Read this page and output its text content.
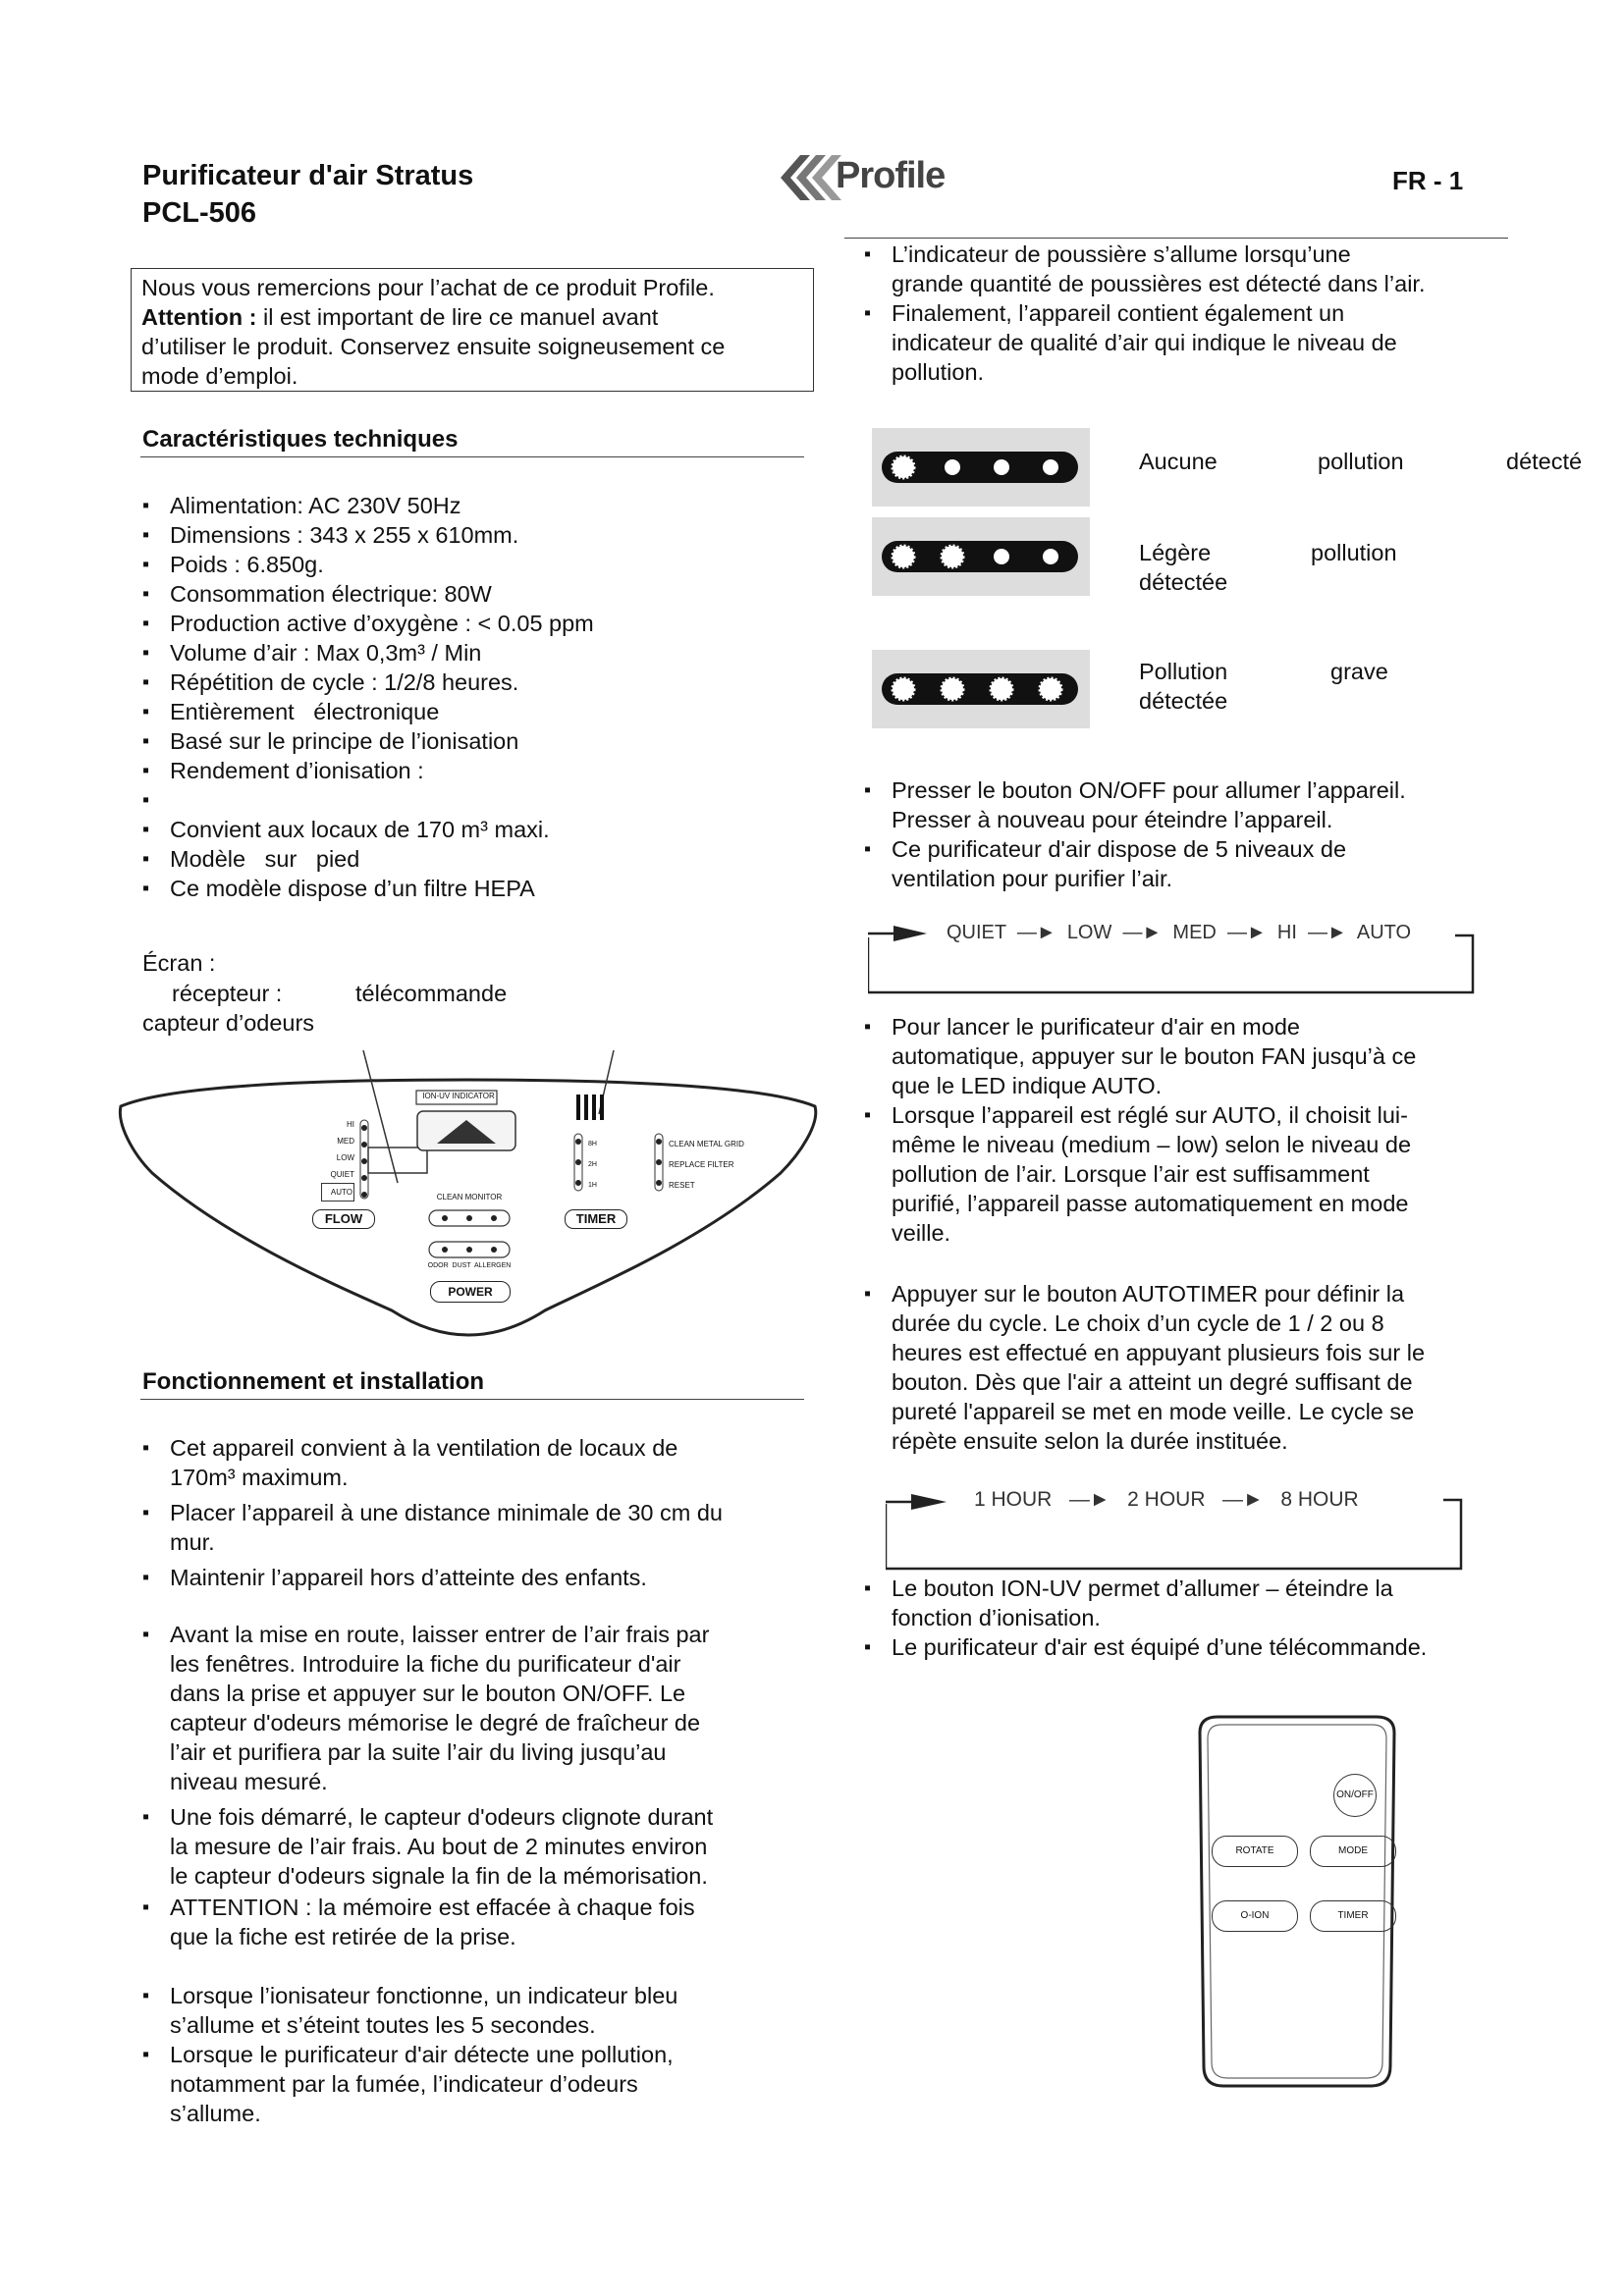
Purificateur d'air Stratus
PCL-506
Profile	FR - 1
Nous vous remercions pour l’achat de ce produit Profile.
Attention : il est important de lire ce manuel avant
d’utiliser le produit. Conservez ensuite soigneusement ce
mode d’emploi.
Caractéristiques techniques
▪ Alimentation: AC 230V 50Hz
▪ Dimensions : 343 x 255 x 610mm.
▪ Poids : 6.850g.
▪ Consommation électrique: 80W
▪ Production active d’oxygène : < 0.05 ppm
▪ Volume d’air : Max 0,3m³ / Min
▪ Répétition de cycle : 1/2/8 heures.
▪ Entièrement   électronique
▪ Basé sur le principe de l’ionisation
▪ Rendement d’ionisation :
▪
▪ Convient aux locaux de 170 m³ maxi.
▪ Modèle   sur   pied
▪ Ce modèle dispose d’un filtre HEPA
Écran :
récepteur :	télécommande
capteur d’odeurs
HI
MED
LOW
QUIET
AUTO
ION-UV INDICATOR
CLEAN MONITOR
ODOR  DUST  ALLERGEN
8H
2H
1H
CLEAN METAL GRID
REPLACE FILTER
RESET
FLOW	TIMER
POWER
Fonctionnement et installation
▪ Cet appareil convient à la ventilation de locaux de
170m³ maximum.
▪ Placer l’appareil à une distance minimale de 30 cm du
mur.
▪ Maintenir l’appareil hors d’atteinte des enfants.
▪ Avant la mise en route, laisser entrer de l’air frais par
les fenêtres. Introduire la fiche du purificateur d'air
dans la prise et appuyer sur le bouton ON/OFF. Le
capteur d'odeurs mémorise le degré de fraîcheur de
l’air et purifiera par la suite l’air du living jusqu’au
niveau mesuré.
▪ Une fois démarré, le capteur d'odeurs clignote durant
la mesure de l’air frais. Au bout de 2 minutes environ
le capteur d'odeurs signale la fin de la mémorisation.
▪ ATTENTION : la mémoire est effacée à chaque fois
que la fiche est retirée de la prise.
▪ Lorsque l’ionisateur fonctionne, un indicateur bleu
s’allume et s’éteint toutes les 5 secondes.
▪ Lorsque le purificateur d'air détecte une pollution,
notamment par la fumée, l’indicateur d’odeurs
s’allume.
▪ L’indicateur de poussière s’allume lorsqu’une
grande quantité de poussières est détecté dans l’air.
▪ Finalement, l’appareil contient également un
indicateur de qualité d’air qui indique le niveau de
pollution.
Aucune	pollution	détecté
Légère	pollution
détectée
Pollution	grave
détectée
▪ Presser le bouton ON/OFF pour allumer l’appareil.
Presser à nouveau pour éteindre l’appareil.
▪ Ce purificateur d'air dispose de 5 niveaux de
ventilation pour purifier l’air.
QUIET  —►  LOW  —►  MED  —►  HI  —►  AUTO
▪ Pour lancer le purificateur d'air en mode
automatique, appuyer sur le bouton FAN jusqu’à ce
que le LED indique AUTO.
▪ Lorsque l’appareil est réglé sur AUTO, il choisit lui-
même le niveau (medium – low) selon le niveau de
pollution de l’air. Lorsque l’air est suffisamment
purifié, l’appareil passe automatiquement en mode
veille.
▪ Appuyer sur le bouton AUTOTIMER pour définir la
durée du cycle. Le choix d’un cycle de 1 / 2 ou 8
heures est effectué en appuyant plusieurs fois sur le
bouton. Dès que l'air a atteint un degré suffisant de
pureté l'appareil se met en mode veille. Le cycle se
répète ensuite selon la durée instituée.
1 HOUR   —►   2 HOUR   —►   8 HOUR
▪ Le bouton ION-UV permet d’allumer – éteindre la
fonction d’ionisation.
▪ Le purificateur d'air est équipé d’une télécommande.
ON/OFF
ROTATE	MODE
O-ION	TIMER
